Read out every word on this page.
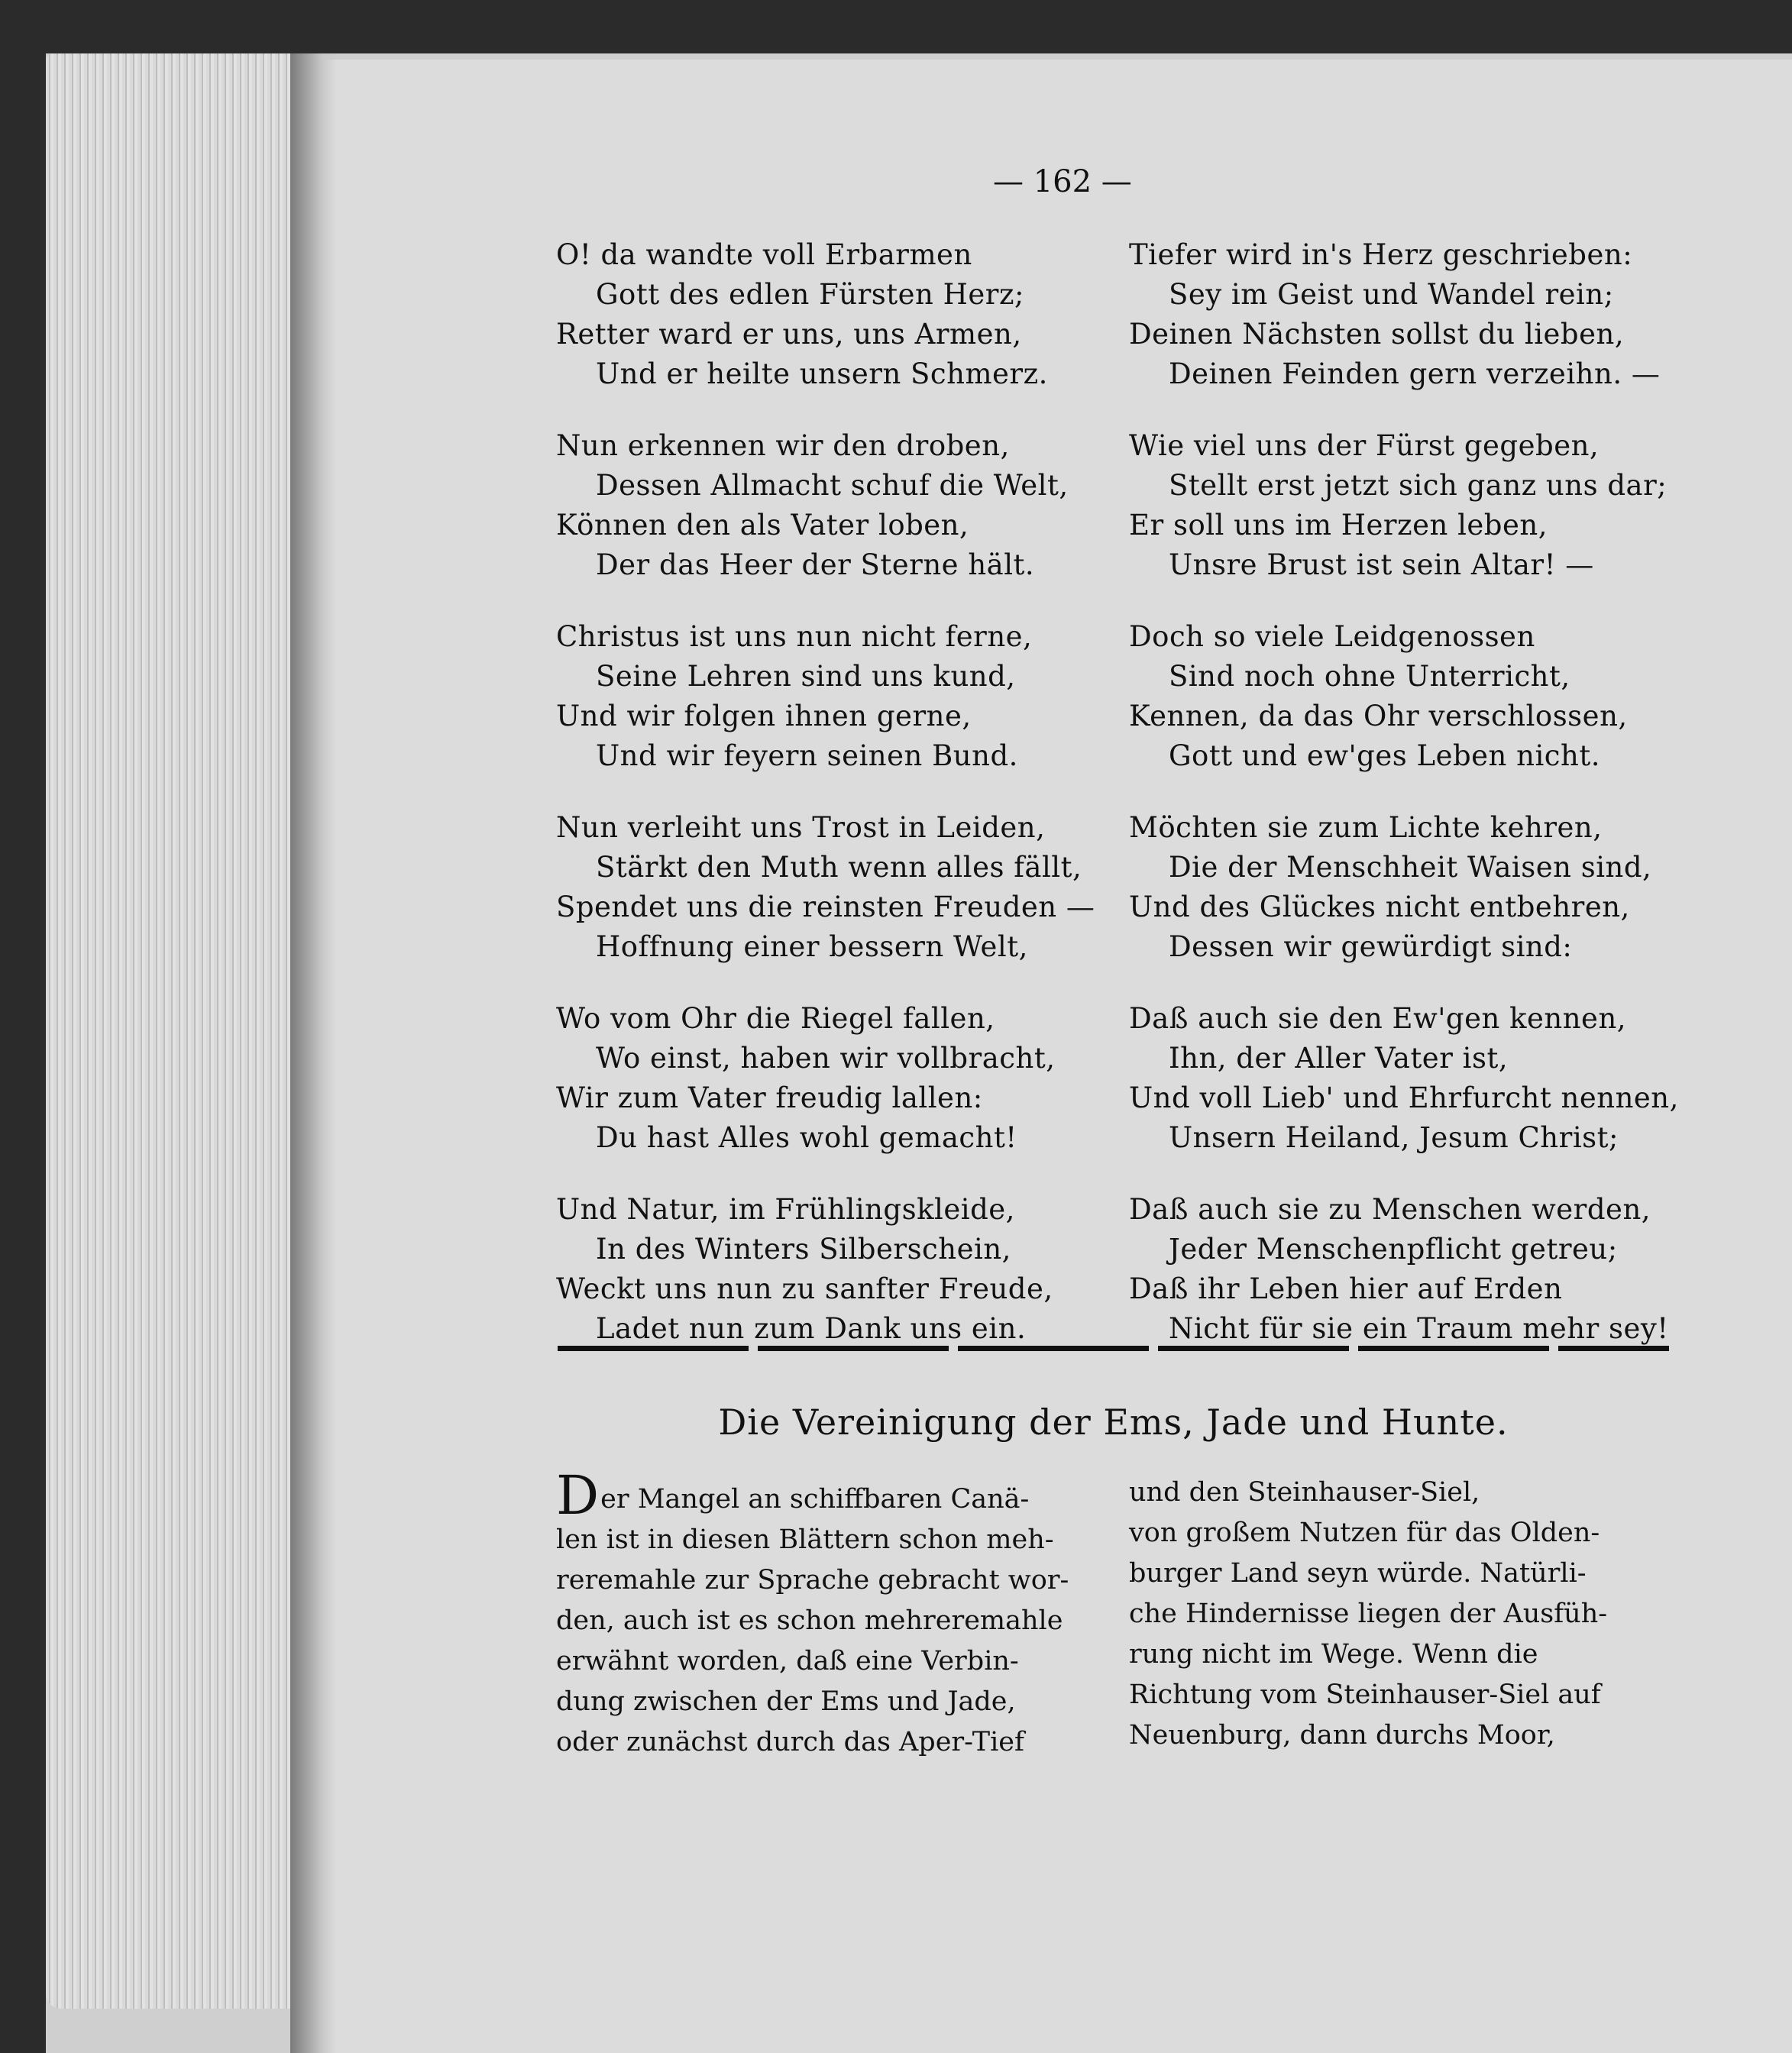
— 162 —
O! da wandte voll Erbarmen
Gott des edlen Fürsten Herz;
Retter ward er uns, uns Armen,
Und er heilte unsern Schmerz.
Nun erkennen wir den droben,
Dessen Allmacht schuf die Welt,
Können den als Vater loben,
Der das Heer der Sterne hält.
Christus ist uns nun nicht ferne,
Seine Lehren sind uns kund,
Und wir folgen ihnen gerne,
Und wir feyern seinen Bund.
Nun verleiht uns Trost in Leiden,
Stärkt den Muth wenn alles fällt,
Spendet uns die reinsten Freuden —
Hoffnung einer bessern Welt,
Wo vom Ohr die Riegel fallen,
Wo einst, haben wir vollbracht,
Wir zum Vater freudig lallen:
Du hast Alles wohl gemacht!
Und Natur, im Frühlingskleide,
In des Winters Silberschein,
Weckt uns nun zu sanfter Freude,
Ladet nun zum Dank uns ein.
Tiefer wird in's Herz geschrieben:
Sey im Geist und Wandel rein;
Deinen Nächsten sollst du lieben,
Deinen Feinden gern verzeihn. —
Wie viel uns der Fürst gegeben,
Stellt erst jetzt sich ganz uns dar;
Er soll uns im Herzen leben,
Unsre Brust ist sein Altar! —
Doch so viele Leidgenossen
Sind noch ohne Unterricht,
Kennen, da das Ohr verschlossen,
Gott und ew'ges Leben nicht.
Möchten sie zum Lichte kehren,
Die der Menschheit Waisen sind,
Und des Glückes nicht entbehren,
Dessen wir gewürdigt sind:
Daß auch sie den Ew'gen kennen,
Ihn, der Aller Vater ist,
Und voll Lieb' und Ehrfurcht nennen,
Unsern Heiland, Jesum Christ;
Daß auch sie zu Menschen werden,
Jeder Menschenpflicht getreu;
Daß ihr Leben hier auf Erden
Nicht für sie ein Traum mehr sey!
Die Vereinigung der Ems, Jade und Hunte.
Der Mangel an schiffbaren Canä-
len ist in diesen Blättern schon meh-
reremahle zur Sprache gebracht wor-
den, auch ist es schon mehreremahle
erwähnt worden, daß eine Verbin-
dung zwischen der Ems und Jade,
oder zunächst durch das Aper-Tief
und den Steinhauser-Siel,
von großem Nutzen für das Olden-
burger Land seyn würde. Natürli-
che Hindernisse liegen der Ausfüh-
rung nicht im Wege. Wenn die
Richtung vom Steinhauser-Siel auf
Neuenburg, dann durchs Moor,
